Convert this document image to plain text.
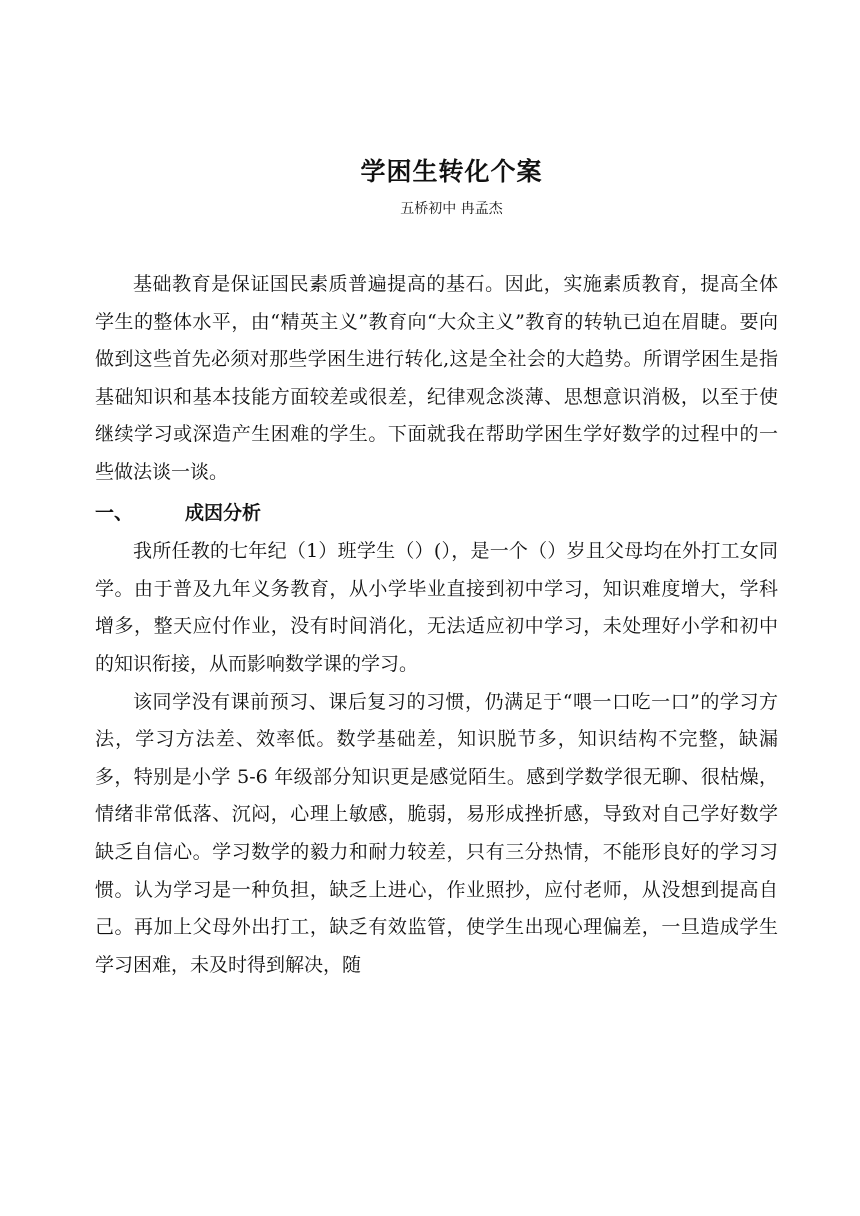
学困生转化个案
五桥初中 冉孟杰

基础教育是保证国民素质普遍提高的基石。因此，实施素质教育，提高全体学生的整体水平，由“精英主义”教育向“大众主义”教育的转轨已迫在眉睫。要向做到这些首先必须对那些学困生进行转化,这是全社会的大趋势。所谓学困生是指基础知识和基本技能方面较差或很差，纪律观念淡薄、思想意识消极，以至于使继续学习或深造产生困难的学生。下面就我在帮助学困生学好数学的过程中的一些做法谈一谈。

一、	成因分析

我所任教的七年纪（1）班学生（）(），是一个（）岁且父母均在外打工女同学。由于普及九年义务教育，从小学毕业直接到初中学习，知识难度增大，学科增多，整天应付作业，没有时间消化，无法适应初中学习，未处理好小学和初中的知识衔接，从而影响数学课的学习。

该同学没有课前预习、课后复习的习惯，仍满足于“喂一口吃一口”的学习方法，学习方法差、效率低。数学基础差，知识脱节多，知识结构不完整，缺漏多，特别是小学 5-6 年级部分知识更是感觉陌生。感到学数学很无聊、很枯燥，情绪非常低落、沉闷，心理上敏感，脆弱，易形成挫折感，导致对自己学好数学缺乏自信心。学习数学的毅力和耐力较差，只有三分热情，不能形良好的学习习惯。认为学习是一种负担，缺乏上进心，作业照抄，应付老师，从没想到提高自己。再加上父母外出打工，缺乏有效监管，使学生出现心理偏差，一旦造成学生学习困难，未及时得到解决，随
